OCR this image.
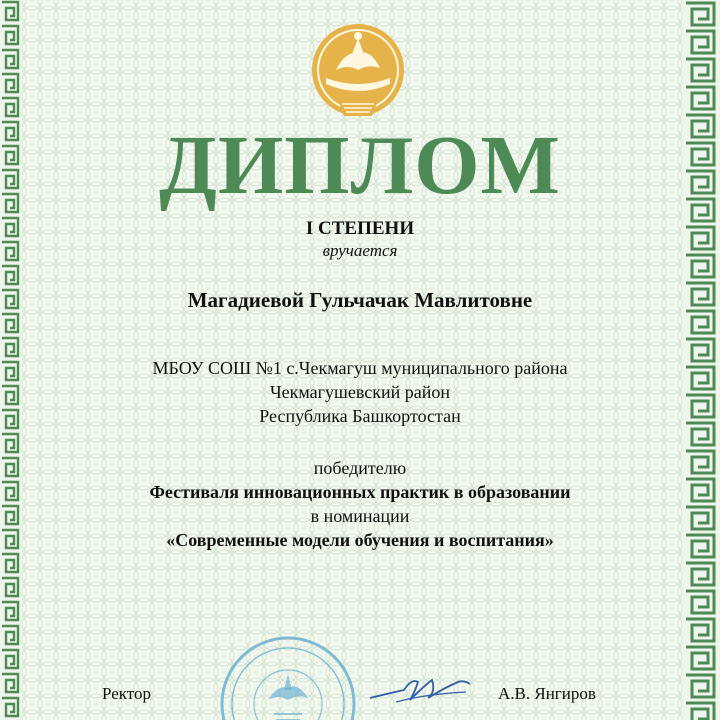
ДИПЛОМ
I СТЕПЕНИ
вручается
Магадиевой Гульчачак Мавлитовне
МБОУ СОШ №1 с.Чекмагуш муниципального района
Чекмагушевский район
Республика Башкортостан
победителю
Фестиваля инновационных практик в образовании
в номинации
«Современные модели обучения и воспитания»
Ректор	А.В. Янгиров
